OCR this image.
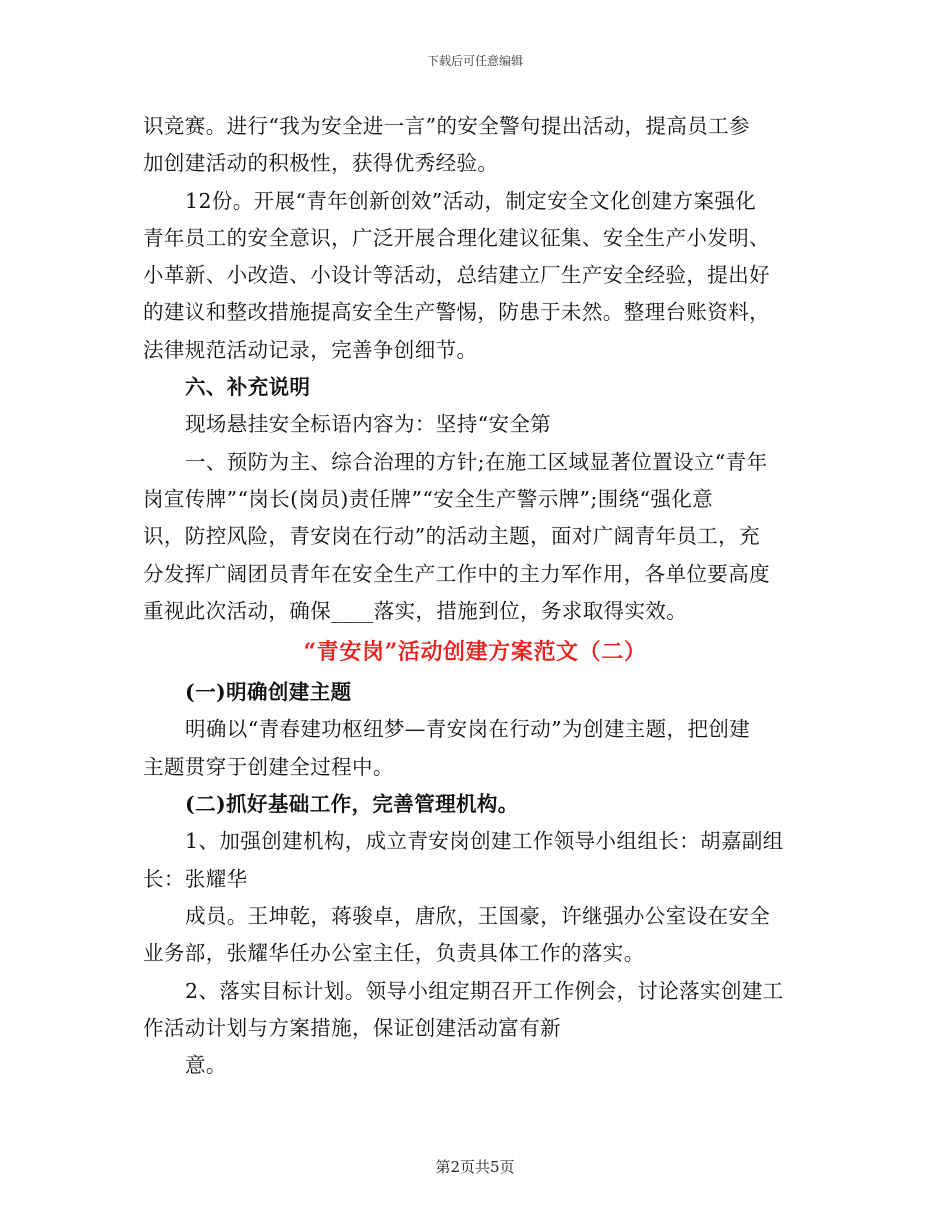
下载后可任意编辑
识竞赛。进行“我为安全进一言”的安全警句提出活动，提高员工参
加创建活动的积极性，获得优秀经验。
12份。开展“青年创新创效”活动，制定安全文化创建方案强化
青年员工的安全意识，广泛开展合理化建议征集、安全生产小发明、
小革新、小改造、小设计等活动，总结建立厂生产安全经验，提出好
的建议和整改措施提高安全生产警惕，防患于未然。整理台账资料，
法律规范活动记录，完善争创细节。
六、补充说明
现场悬挂安全标语内容为：坚持“安全第
一、预防为主、综合治理的方针;在施工区域显著位置设立“青年
岗宣传牌”“岗长(岗员)责任牌”“安全生产警示牌”;围绕“强化意
识，防控风险，青安岗在行动”的活动主题，面对广阔青年员工，充
分发挥广阔团员青年在安全生产工作中的主力军作用，各单位要高度
重视此次活动，确保____落实，措施到位，务求取得实效。
“青安岗”活动创建方案范文（二）
(一)明确创建主题
明确以“青春建功枢纽梦—青安岗在行动”为创建主题，把创建
主题贯穿于创建全过程中。
(二)抓好基础工作，完善管理机构。
1、加强创建机构，成立青安岗创建工作领导小组组长：胡嘉副组
长：张耀华
成员。王坤乾，蒋骏卓，唐欣，王国豪，许继强办公室设在安全
业务部，张耀华任办公室主任，负责具体工作的落实。
2、落实目标计划。领导小组定期召开工作例会，讨论落实创建工
作活动计划与方案措施，保证创建活动富有新
意。
第2页共5页
